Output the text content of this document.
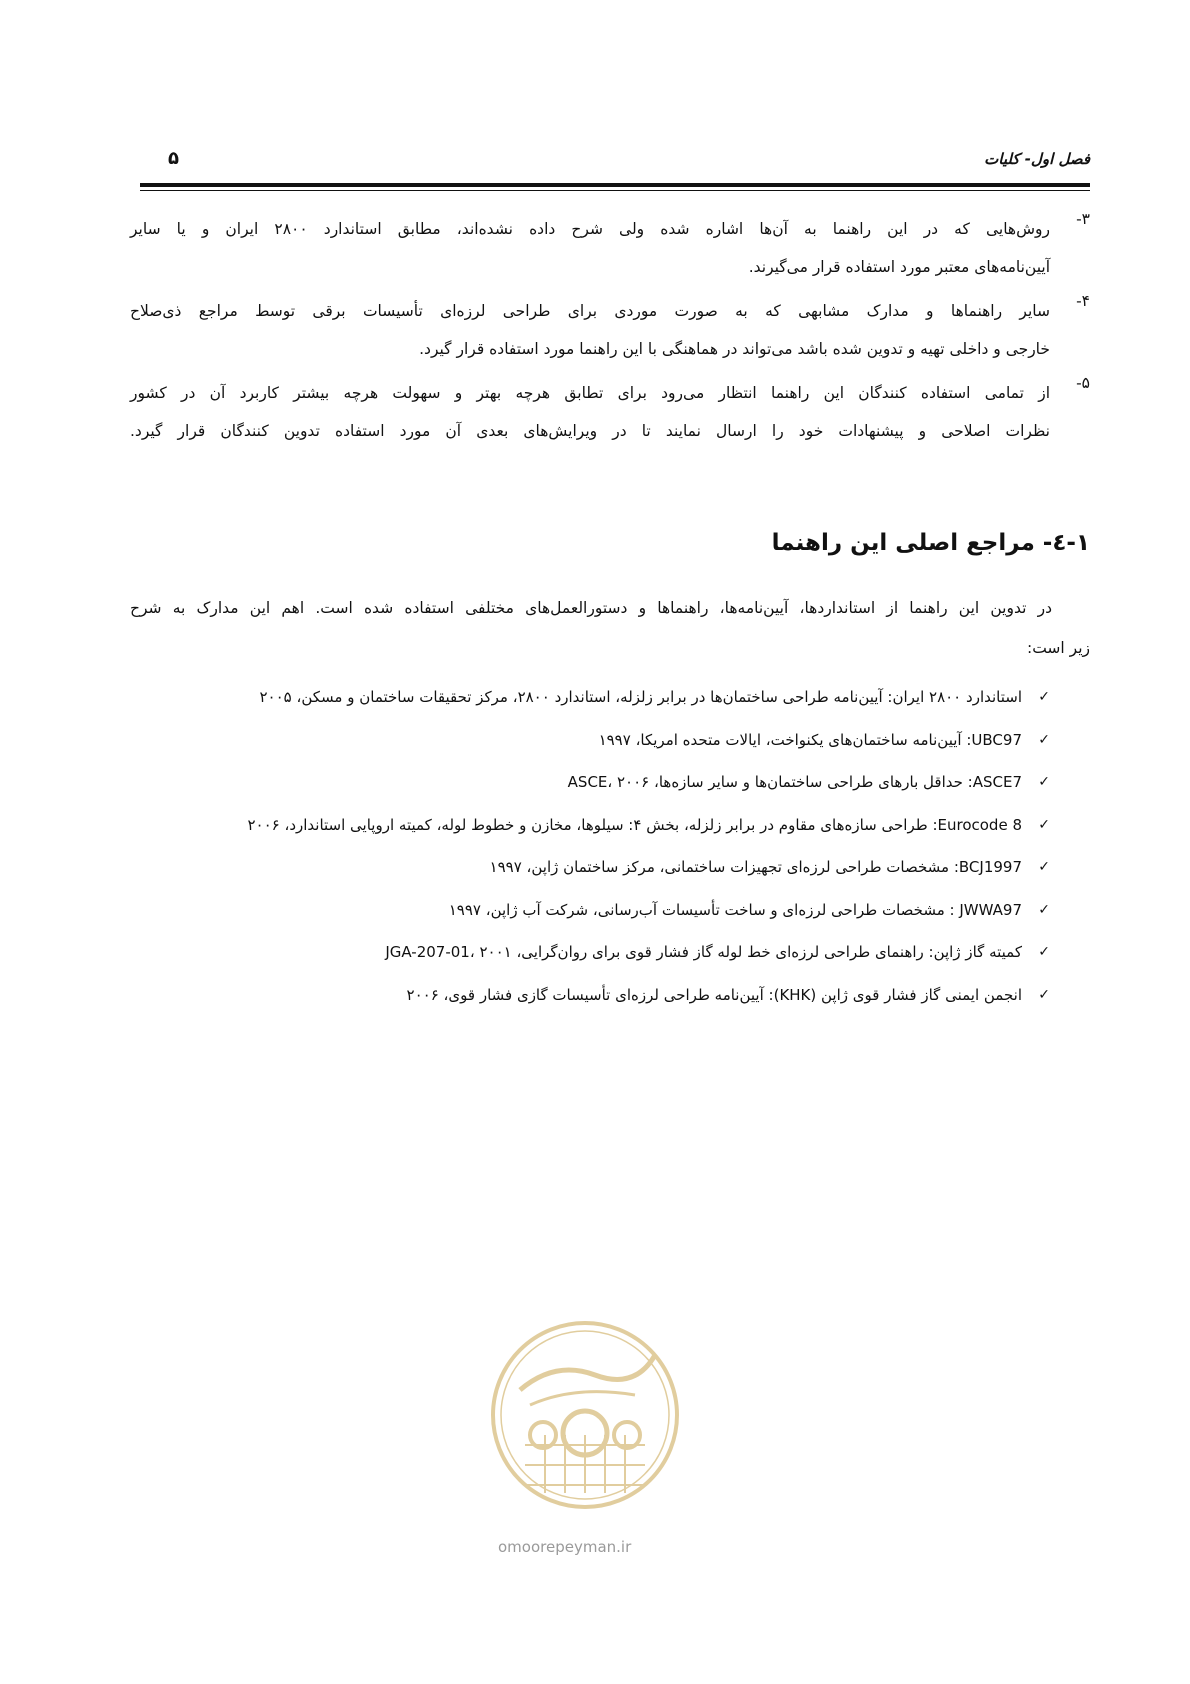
فصل اول- کلیات
۵
۳-
روش‌هایی که در این راهنما به آن‌ها اشاره شده ولی شرح داده نشده‌اند، مطابق استاندارد ۲۸۰۰ ایران و یا سایر
آیین‌نامه‌های معتبر مورد استفاده قرار می‌گیرند.
۴-
سایر راهنماها و مدارک مشابهی که به صورت موردی برای طراحی لرزه‌ای تأسیسات برقی توسط مراجع ذی‌صلاح
خارجی و داخلی تهیه و تدوین شده باشد می‌تواند در هماهنگی با این راهنما مورد استفاده قرار گیرد.
۵-
از تمامی استفاده کنندگان این راهنما انتظار می‌رود برای تطابق هرچه بهتر و سهولت هرچه بیشتر کاربرد آن در کشور
نظرات اصلاحی و پیشنهادات خود را ارسال نمایند تا در ویرایش‌های بعدی آن مورد استفاده تدوین کنندگان قرار گیرد.
۱-٤- مراجع اصلی این راهنما
در تدوین این راهنما از استانداردها، آیین‌نامه‌ها، راهنماها و دستورالعمل‌های مختلفی استفاده شده است. اهم این مدارک به شرح
زیر است:
✓
استاندارد ۲۸۰۰ ایران: آیین‌نامه طراحی ساختمان‌ها در برابر زلزله، استاندارد ۲۸۰۰، مرکز تحقیقات ساختمان و مسکن، ۲۰۰۵
✓
UBC97: آیین‌نامه ساختمان‌های یکنواخت، ایالات متحده امریکا، ۱۹۹۷
✓
ASCE7: حداقل بارهای طراحی ساختمان‌ها و سایر سازه‌ها، ASCE، ۲۰۰۶
✓
Eurocode 8: طراحی سازه‌های مقاوم در برابر زلزله، بخش ۴: سیلوها، مخازن و خطوط لوله، کمیته اروپایی استاندارد، ۲۰۰۶
✓
BCJ1997: مشخصات طراحی لرزه‌ای تجهیزات ساختمانی، مرکز ساختمان ژاپن، ۱۹۹۷
✓
JWWA97 : مشخصات طراحی لرزه‌ای و ساخت تأسیسات آب‌رسانی، شرکت آب ژاپن، ۱۹۹۷
✓
کمیته گاز ژاپن: راهنمای طراحی لرزه‌ای خط لوله گاز فشار قوی برای روان‌گرایی، JGA-207-01، ۲۰۰۱
✓
انجمن ایمنی گاز فشار قوی ژاپن (KHK): آیین‌نامه طراحی لرزه‌ای تأسیسات گازی فشار قوی، ۲۰۰۶
omoorepeyman.ir
